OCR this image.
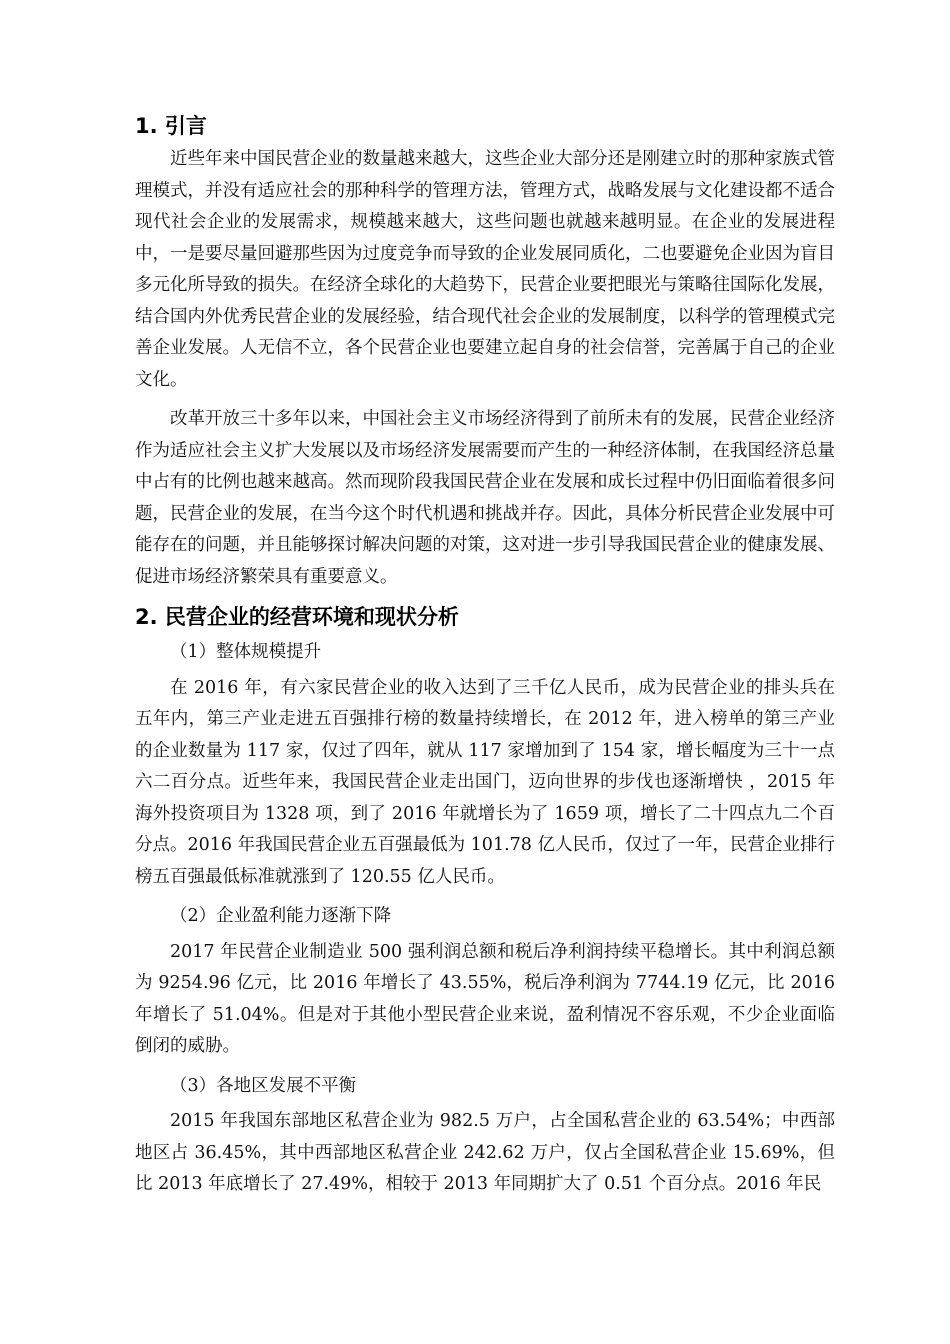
1. 引言

近些年来中国民营企业的数量越来越大，这些企业大部分还是刚建立时的那种家族式管理模式，并没有适应社会的那种科学的管理方法，管理方式，战略发展与文化建设都不适合现代社会企业的发展需求，规模越来越大，这些问题也就越来越明显。在企业的发展进程中，一是要尽量回避那些因为过度竞争而导致的企业发展同质化，二也要避免企业因为盲目多元化所导致的损失。在经济全球化的大趋势下，民营企业要把眼光与策略往国际化发展，结合国内外优秀民营企业的发展经验，结合现代社会企业的发展制度，以科学的管理模式完善企业发展。人无信不立，各个民营企业也要建立起自身的社会信誉，完善属于自己的企业文化。

改革开放三十多年以来，中国社会主义市场经济得到了前所未有的发展，民营企业经济作为适应社会主义扩大发展以及市场经济发展需要而产生的一种经济体制，在我国经济总量中占有的比例也越来越高。然而现阶段我国民营企业在发展和成长过程中仍旧面临着很多问题，民营企业的发展，在当今这个时代机遇和挑战并存。因此，具体分析民营企业发展中可能存在的问题，并且能够探讨解决问题的对策，这对进一步引导我国民营企业的健康发展、促进市场经济繁荣具有重要意义。

2. 民营企业的经营环境和现状分析

（1）整体规模提升

在 2016 年，有六家民营企业的收入达到了三千亿人民币，成为民营企业的排头兵在五年内，第三产业走进五百强排行榜的数量持续增长，在 2012 年，进入榜单的第三产业的企业数量为 117 家，仅过了四年，就从 117 家增加到了 154 家，增长幅度为三十一点六二百分点。近些年来，我国民营企业走出国门，迈向世界的步伐也逐渐增快 ，2015 年海外投资项目为 1328 项，到了 2016 年就增长为了 1659 项，增长了二十四点九二个百分点。2016 年我国民营企业五百强最低为 101.78 亿人民币，仅过了一年，民营企业排行榜五百强最低标准就涨到了 120.55 亿人民币。

（2）企业盈利能力逐渐下降

2017 年民营企业制造业 500 强利润总额和税后净利润持续平稳增长。其中利润总额为 9254.96 亿元，比 2016 年增长了 43.55%，税后净利润为 7744.19 亿元，比 2016 年增长了 51.04%。但是对于其他小型民营企业来说，盈利情况不容乐观，不少企业面临倒闭的威胁。

（3）各地区发展不平衡

2015 年我国东部地区私营企业为 982.5 万户，占全国私营企业的 63.54%；中西部地区占 36.45%，其中西部地区私营企业 242.62 万户，仅占全国私营企业 15.69%，但比 2013 年底增长了 27.49%，相较于 2013 年同期扩大了 0.51 个百分点。2016 年民
